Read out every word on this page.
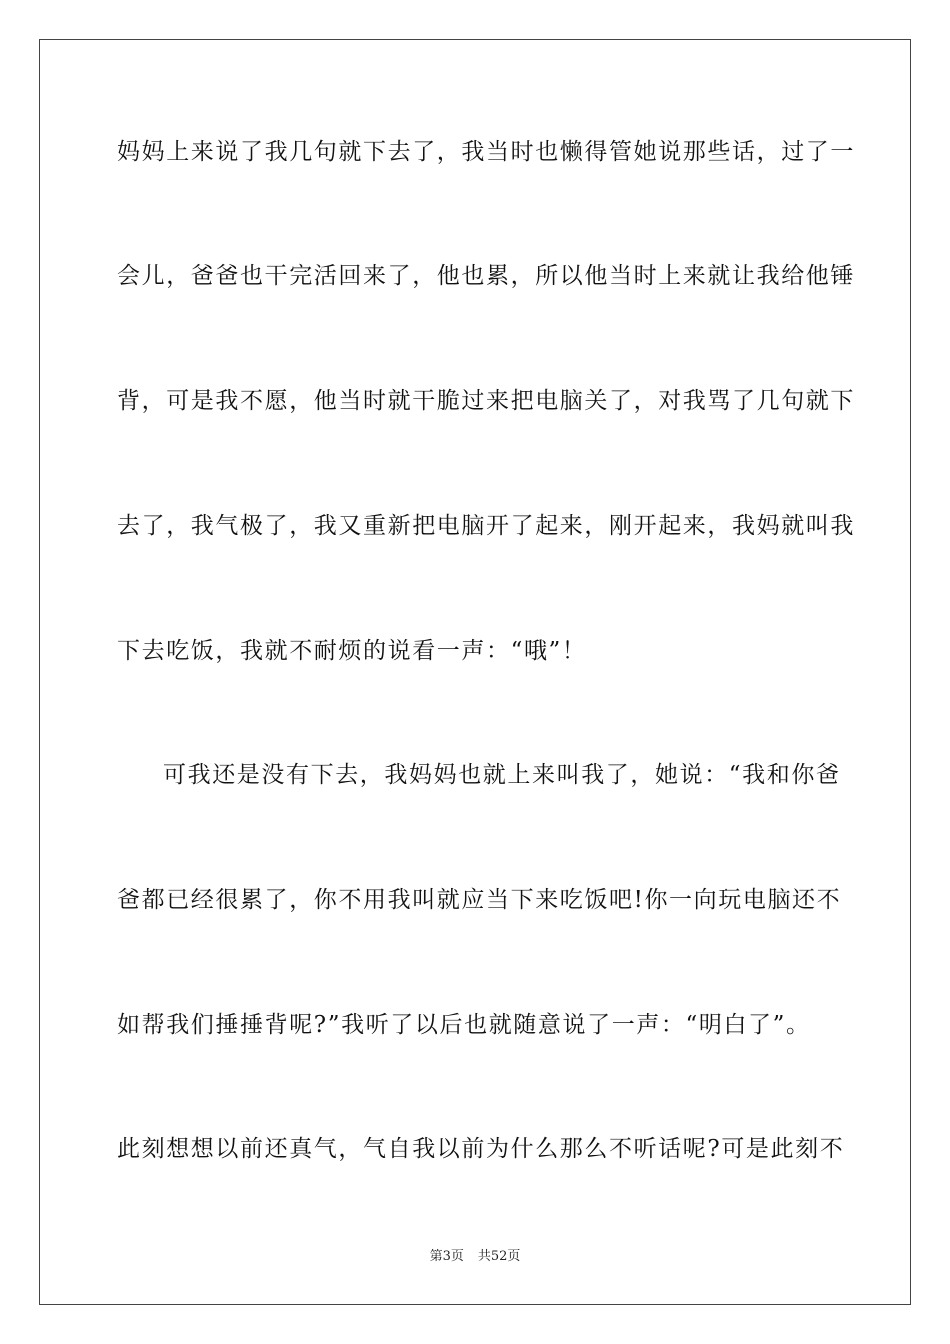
妈妈上来说了我几句就下去了，我当时也懒得管她说那些话，过了一
会儿，爸爸也干完活回来了，他也累，所以他当时上来就让我给他锤
背，可是我不愿，他当时就干脆过来把电脑关了，对我骂了几句就下
去了，我气极了，我又重新把电脑开了起来，刚开起来，我妈就叫我
下去吃饭，我就不耐烦的说看一声：“哦”！
可我还是没有下去，我妈妈也就上来叫我了，她说：“我和你爸
爸都已经很累了，你不用我叫就应当下来吃饭吧!你一向玩电脑还不
如帮我们捶捶背呢?”我听了以后也就随意说了一声：“明白了”。
此刻想想以前还真气，气自我以前为什么那么不听话呢?可是此刻不
第3页 共52页
